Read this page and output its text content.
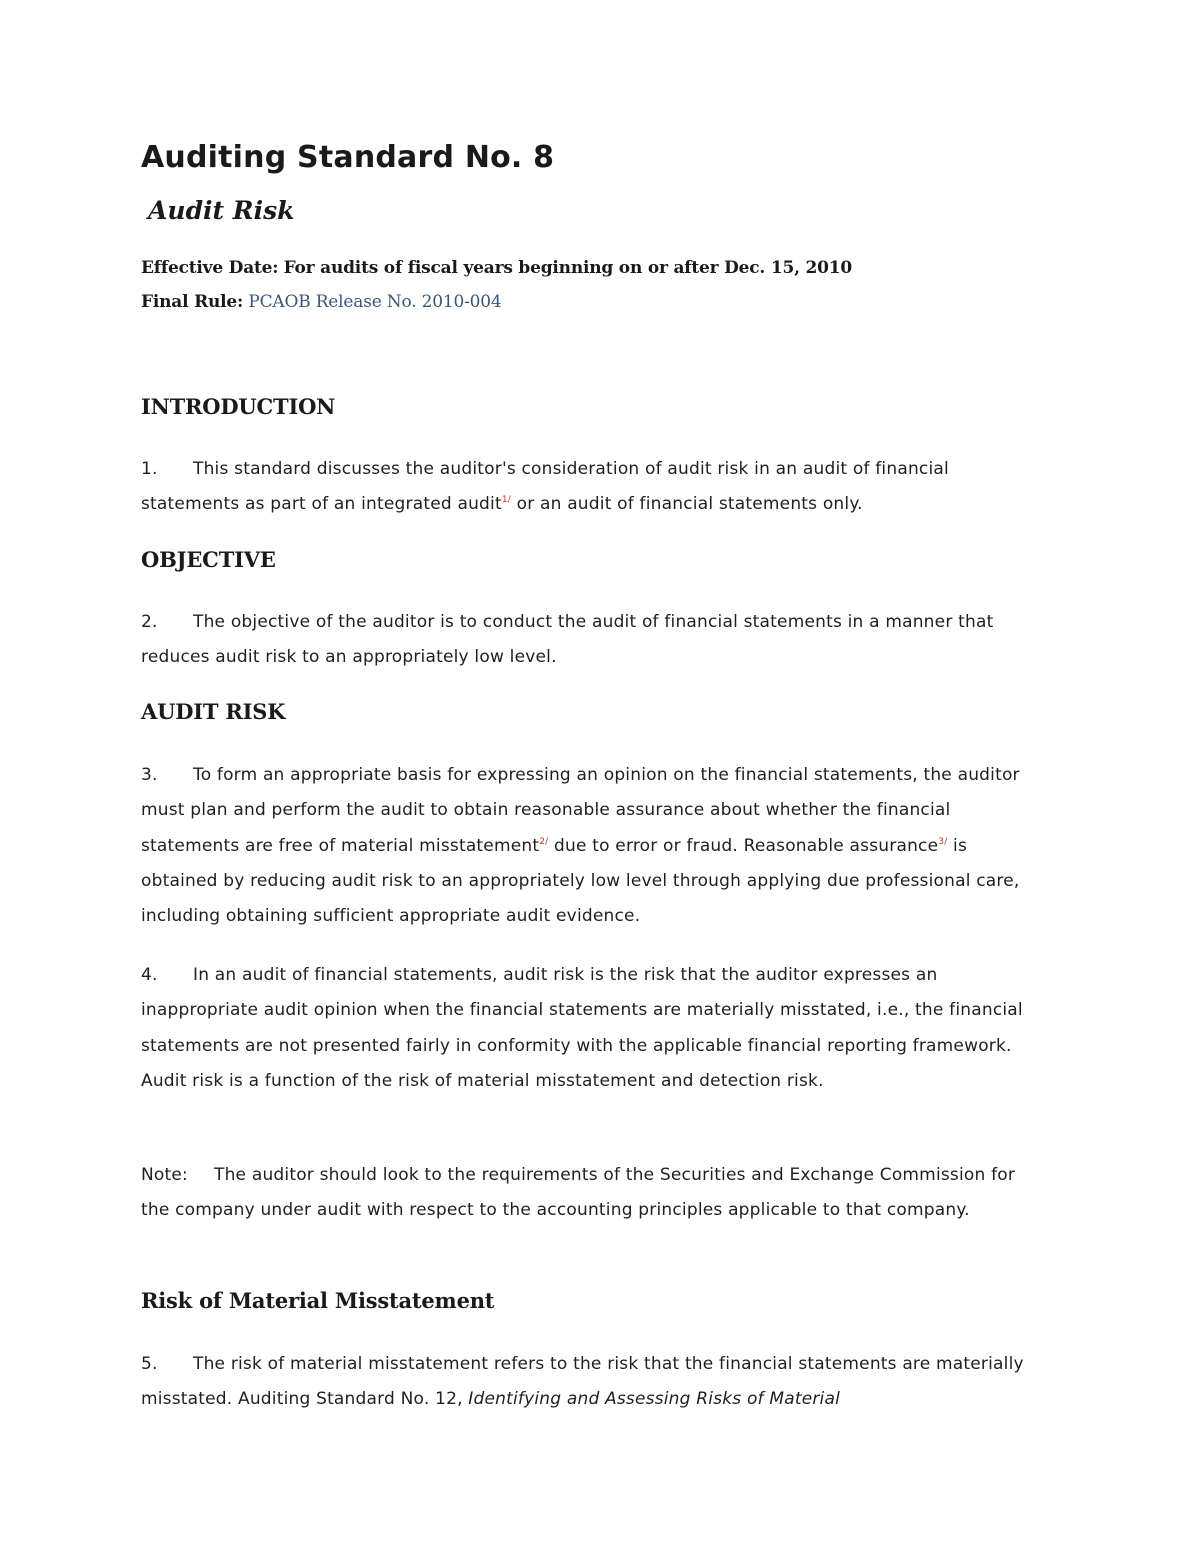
Auditing Standard No. 8
Audit Risk

Effective Date: For audits of fiscal years beginning on or after Dec. 15, 2010

Final Rule: PCAOB Release No. 2010-004

INTRODUCTION

1. This standard discusses the auditor's consideration of audit risk in an audit of financial statements as part of an integrated audit$^{1/}$ or an audit of financial statements only.

OBJECTIVE

2. The objective of the auditor is to conduct the audit of financial statements in a manner that reduces audit risk to an appropriately low level.

AUDIT RISK

3. To form an appropriate basis for expressing an opinion on the financial statements, the auditor must plan and perform the audit to obtain reasonable assurance about whether the financial statements are free of material misstatement$^{2/}$ due to error or fraud. Reasonable assurance$^{3/}$ is obtained by reducing audit risk to an appropriately low level through applying due professional care, including obtaining sufficient appropriate audit evidence.

4. In an audit of financial statements, audit risk is the risk that the auditor expresses an inappropriate audit opinion when the financial statements are materially misstated, i.e., the financial statements are not presented fairly in conformity with the applicable financial reporting framework. Audit risk is a function of the risk of material misstatement and detection risk.

Note: The auditor should look to the requirements of the Securities and Exchange Commission for the company under audit with respect to the accounting principles applicable to that company.

Risk of Material Misstatement

5. The risk of material misstatement refers to the risk that the financial statements are materially misstated. Auditing Standard No. 12, Identifying and Assessing Risks of Material
